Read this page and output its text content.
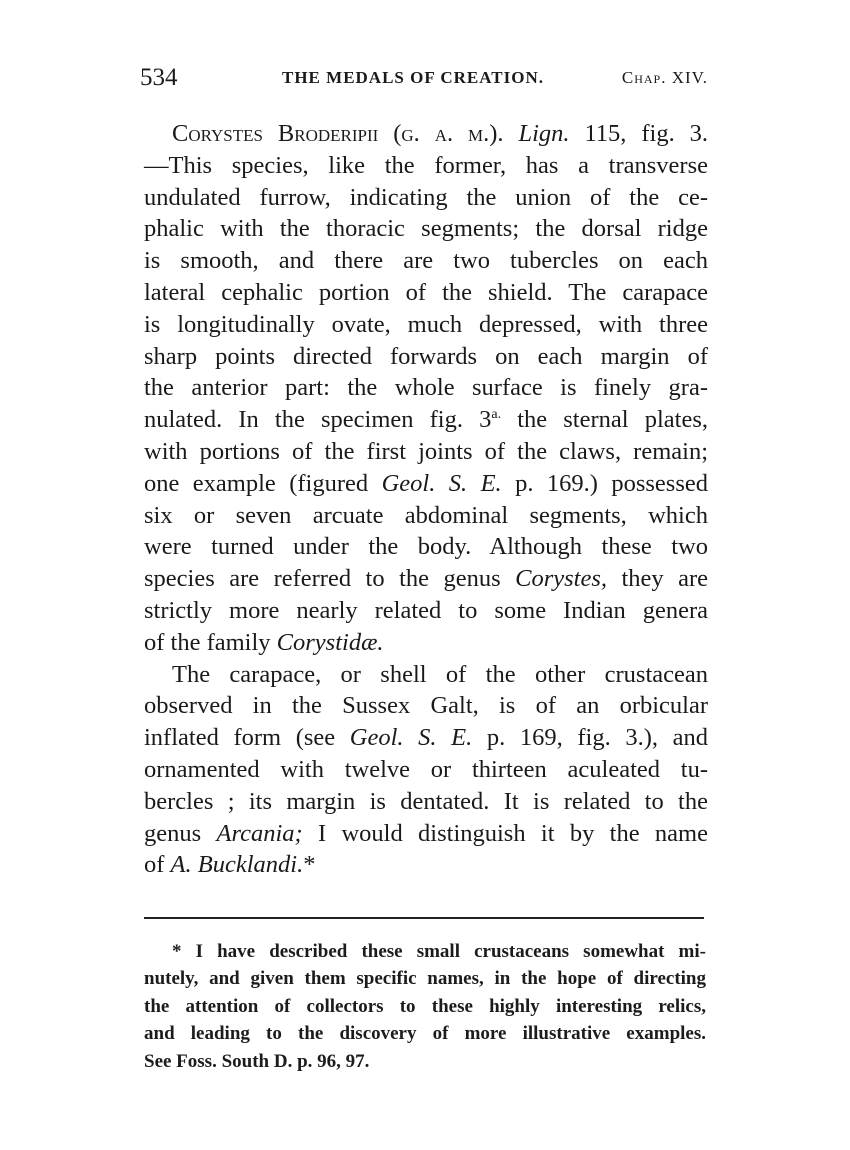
534	THE MEDALS OF CREATION.	Chap. XIV.
Corystes Broderipii (g. a. m.). Lign. 115, fig. 3.
—This species, like the former, has a transverse
undulated furrow, indicating the union of the ce-
phalic with the thoracic segments; the dorsal ridge
is smooth, and there are two tubercles on each
lateral cephalic portion of the shield. The carapace
is longitudinally ovate, much depressed, with three
sharp points directed forwards on each margin of
the anterior part: the whole surface is finely gra-
nulated. In the specimen fig. $3^{a.}$ the sternal plates,
with portions of the first joints of the claws, remain;
one example (figured Geol. S. E. p. 169.) possessed
six or seven arcuate abdominal segments, which
were turned under the body. Although these two
species are referred to the genus Corystes, they are
strictly more nearly related to some Indian genera
of the family Corystidæ.
The carapace, or shell of the other crustacean
observed in the Sussex Galt, is of an orbicular
inflated form (see Geol. S. E. p. 169, fig. 3.), and
ornamented with twelve or thirteen aculeated tu-
bercles ; its margin is dentated. It is related to the
genus Arcania; I would distinguish it by the name
of A. Bucklandi.*
* I have described these small crustaceans somewhat mi-
nutely, and given them specific names, in the hope of directing
the attention of collectors to these highly interesting relics,
and leading to the discovery of more illustrative examples.
See Foss. South D. p. 96, 97.
